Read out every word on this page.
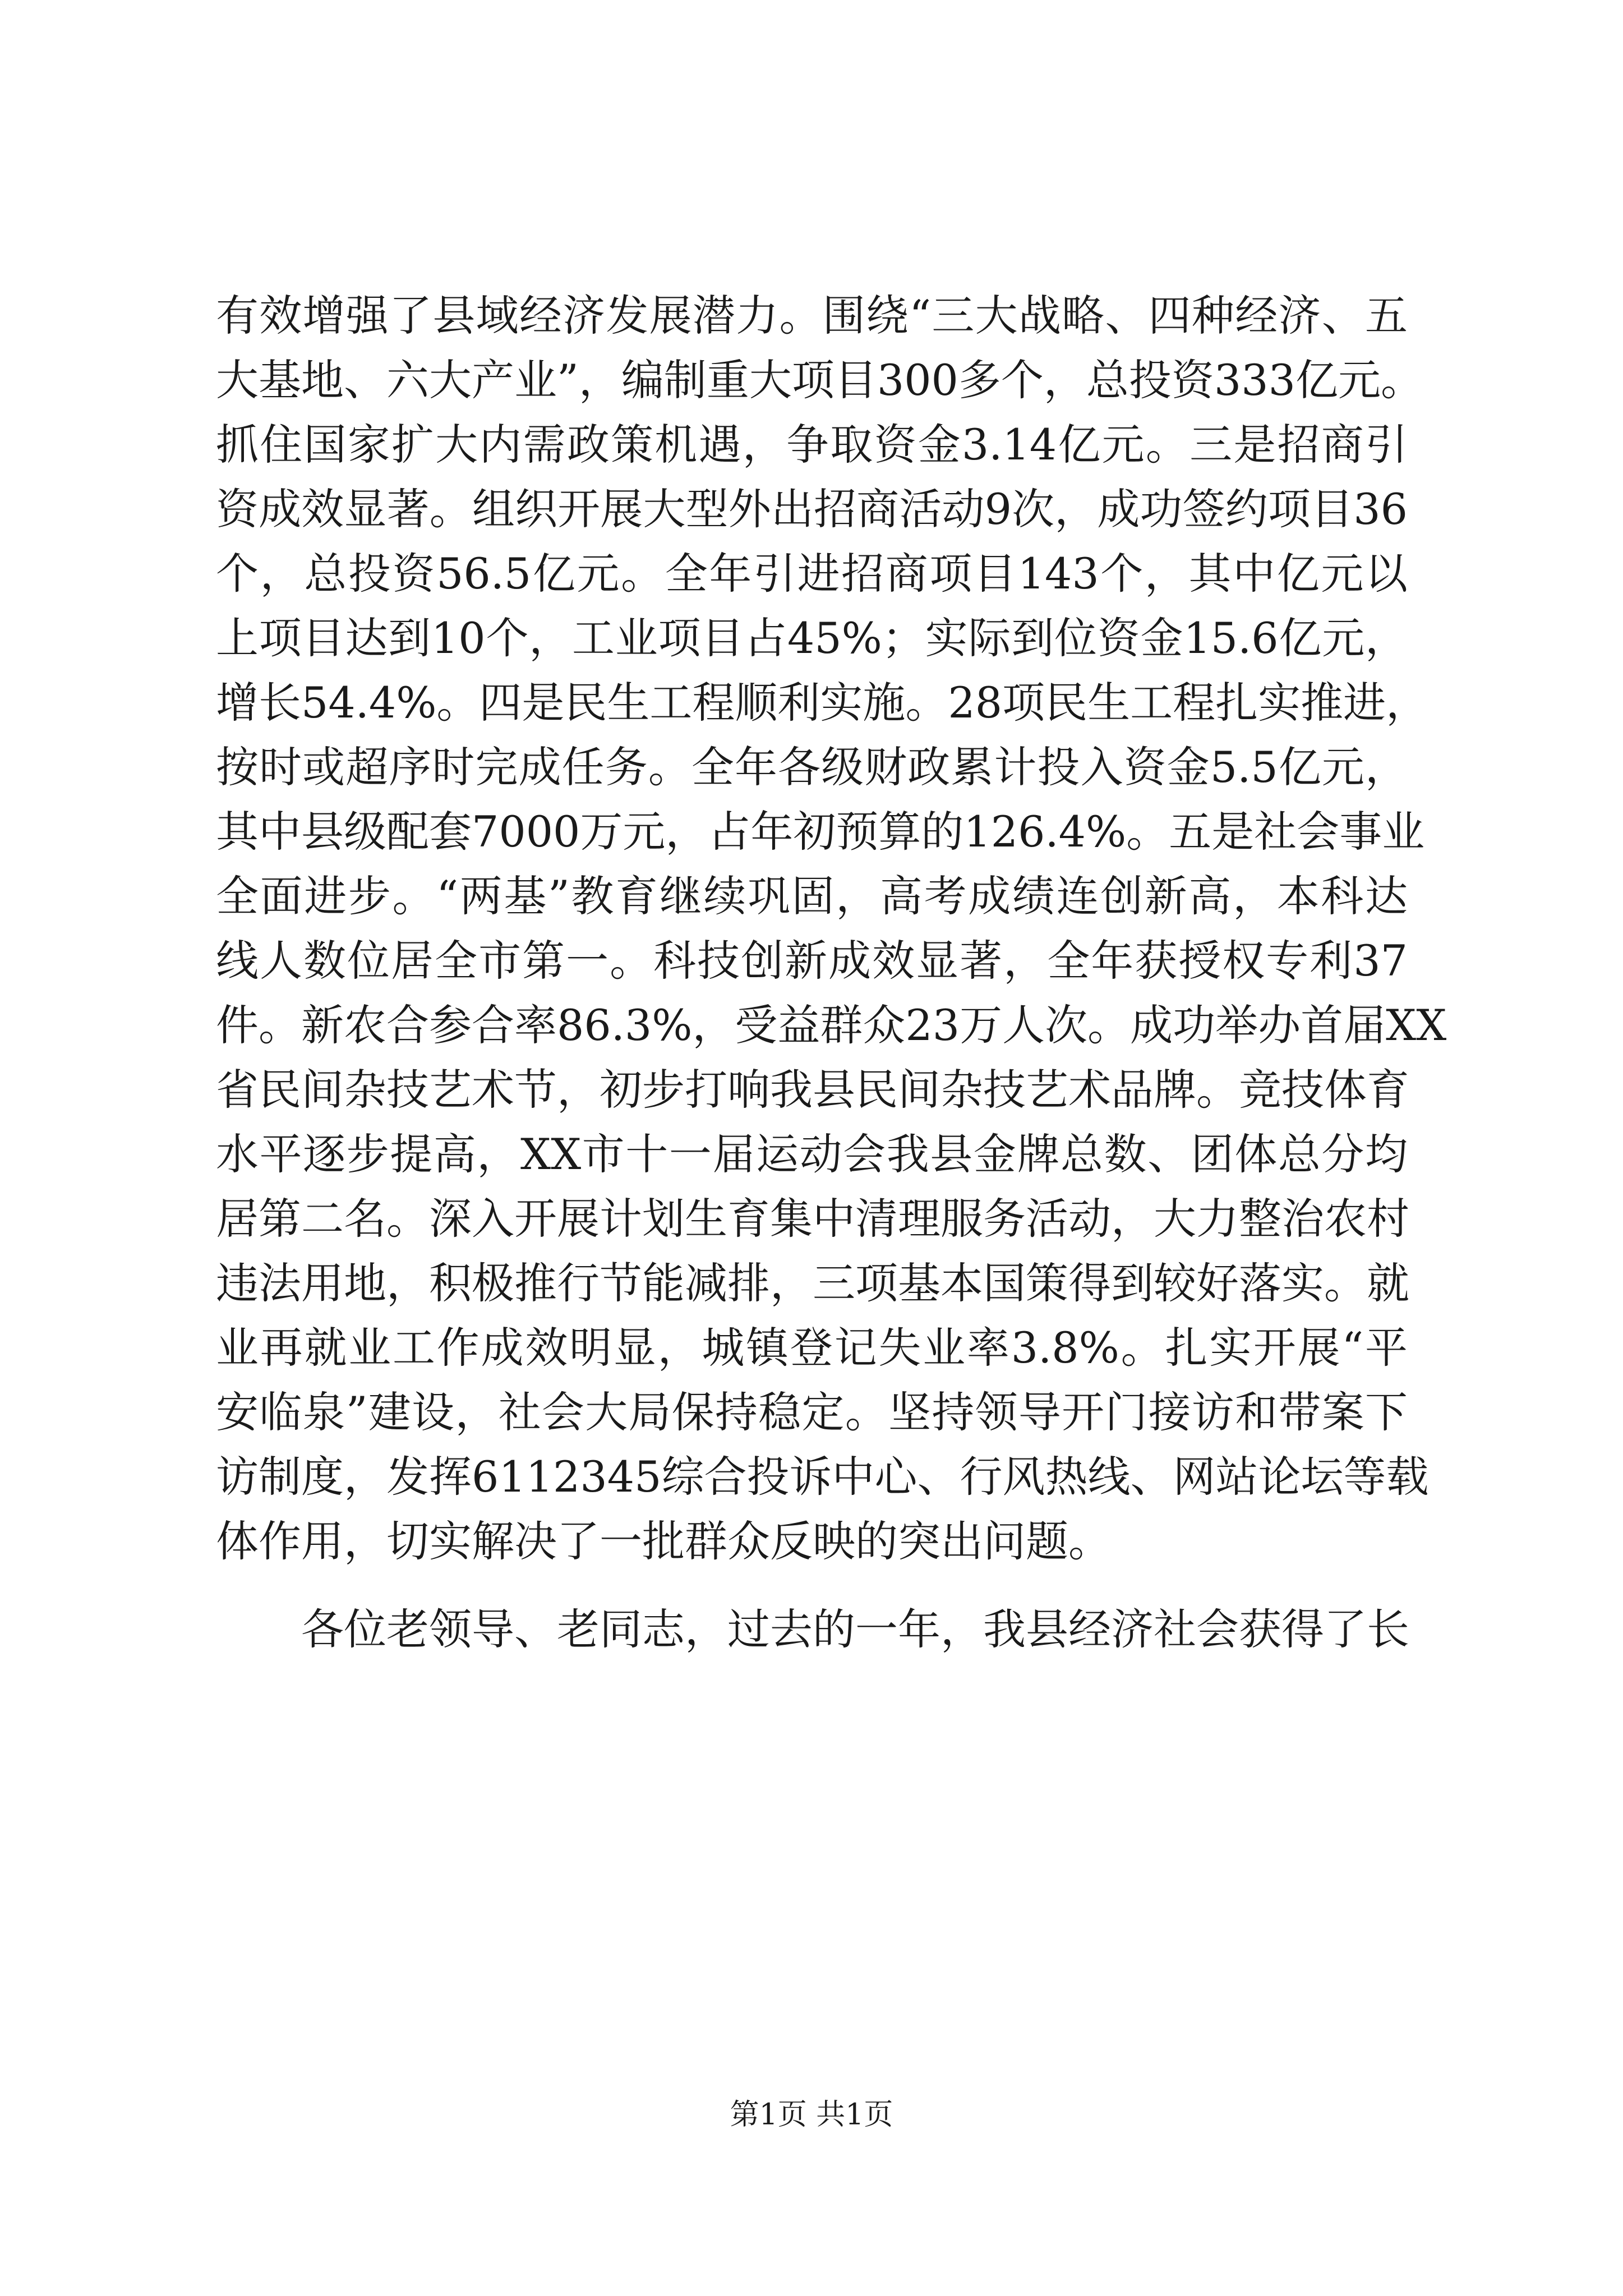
有效增强了县域经济发展潜力。围绕“三大战略、四种经济、五
大基地、六大产业”，编制重大项目300多个，总投资333亿元。
抓住国家扩大内需政策机遇，争取资金3.14亿元。三是招商引
资成效显著。组织开展大型外出招商活动9次，成功签约项目36
个，总投资56.5亿元。全年引进招商项目143个，其中亿元以
上项目达到10个，工业项目占45%；实际到位资金15.6亿元，
增长54.4%。四是民生工程顺利实施。28项民生工程扎实推进，
按时或超序时完成任务。全年各级财政累计投入资金5.5亿元，
其中县级配套7000万元，占年初预算的126.4%。五是社会事业
全面进步。“两基”教育继续巩固，高考成绩连创新高，本科达
线人数位居全市第一。科技创新成效显著，全年获授权专利37
件。新农合参合率86.3%，受益群众23万人次。成功举办首届XX
省民间杂技艺术节，初步打响我县民间杂技艺术品牌。竞技体育
水平逐步提高，XX市十一届运动会我县金牌总数、团体总分均
居第二名。深入开展计划生育集中清理服务活动，大力整治农村
违法用地，积极推行节能减排，三项基本国策得到较好落实。就
业再就业工作成效明显，城镇登记失业率3.8%。扎实开展“平
安临泉”建设，社会大局保持稳定。坚持领导开门接访和带案下
访制度，发挥6112345综合投诉中心、行风热线、网站论坛等载
体作用，切实解决了一批群众反映的突出问题。
各位老领导、老同志，过去的一年，我县经济社会获得了长
第1页 共1页
